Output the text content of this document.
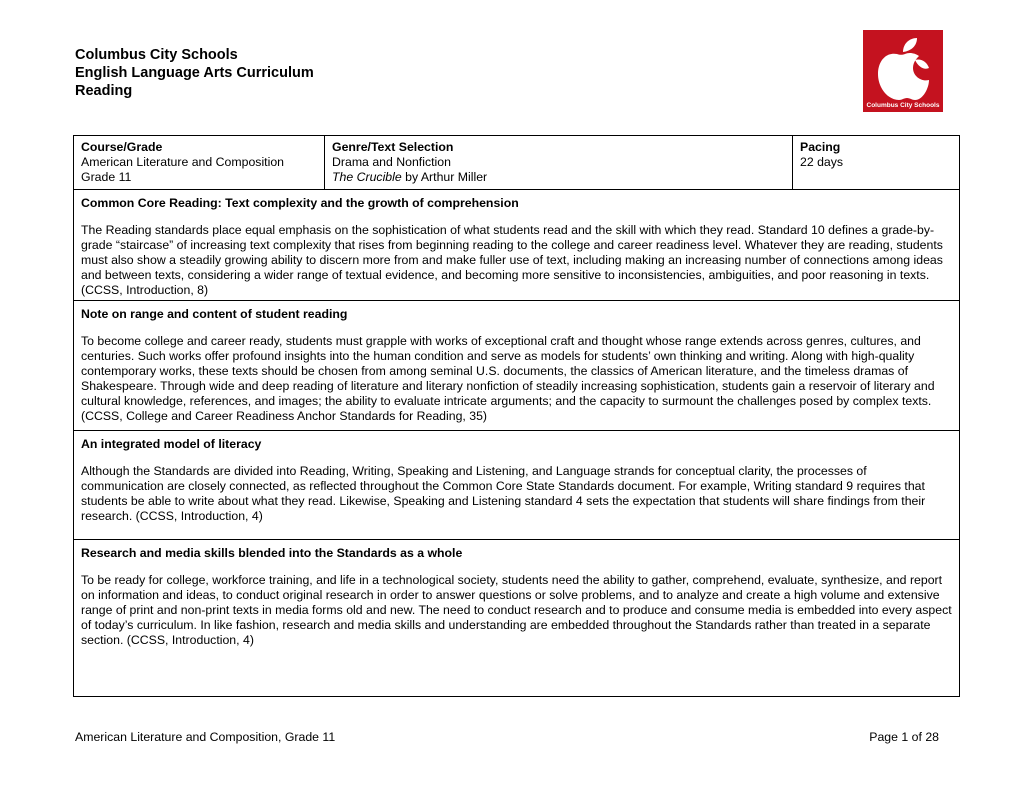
Columbus City Schools
English Language Arts Curriculum
Reading
Columbus City Schools
Course/Grade
American Literature and Composition
Grade 11
Genre/Text Selection
Drama and Nonfiction
The Crucible by Arthur Miller
Pacing
22 days
Common Core Reading: Text complexity and the growth of comprehension

The Reading standards place equal emphasis on the sophistication of what students read and the skill with which they read. Standard 10 defines a grade-by-grade “staircase” of increasing text complexity that rises from beginning reading to the college and career readiness level. Whatever they are reading, students must also show a steadily growing ability to discern more from and make fuller use of text, including making an increasing number of connections among ideas and between texts, considering a wider range of textual evidence, and becoming more sensitive to inconsistencies, ambiguities, and poor reasoning in texts. (CCSS, Introduction, 8)

Note on range and content of student reading

To become college and career ready, students must grapple with works of exceptional craft and thought whose range extends across genres, cultures, and centuries. Such works offer profound insights into the human condition and serve as models for students’ own thinking and writing. Along with high-quality contemporary works, these texts should be chosen from among seminal U.S. documents, the classics of American literature, and the timeless dramas of Shakespeare. Through wide and deep reading of literature and literary nonfiction of steadily increasing sophistication, students gain a reservoir of literary and cultural knowledge, references, and images; the ability to evaluate intricate arguments; and the capacity to surmount the challenges posed by complex texts. (CCSS, College and Career Readiness Anchor Standards for Reading, 35)

An integrated model of literacy

Although the Standards are divided into Reading, Writing, Speaking and Listening, and Language strands for conceptual clarity, the processes of communication are closely connected, as reflected throughout the Common Core State Standards document. For example, Writing standard 9 requires that students be able to write about what they read. Likewise, Speaking and Listening standard 4 sets the expectation that students will share findings from their research. (CCSS, Introduction, 4)

Research and media skills blended into the Standards as a whole

To be ready for college, workforce training, and life in a technological society, students need the ability to gather, comprehend, evaluate, synthesize, and report on information and ideas, to conduct original research in order to answer questions or solve problems, and to analyze and create a high volume and extensive range of print and non-print texts in media forms old and new. The need to conduct research and to produce and consume media is embedded into every aspect of today’s curriculum. In like fashion, research and media skills and understanding are embedded throughout the Standards rather than treated in a separate section. (CCSS, Introduction, 4)

American Literature and Composition, Grade 11	Page 1 of 28
